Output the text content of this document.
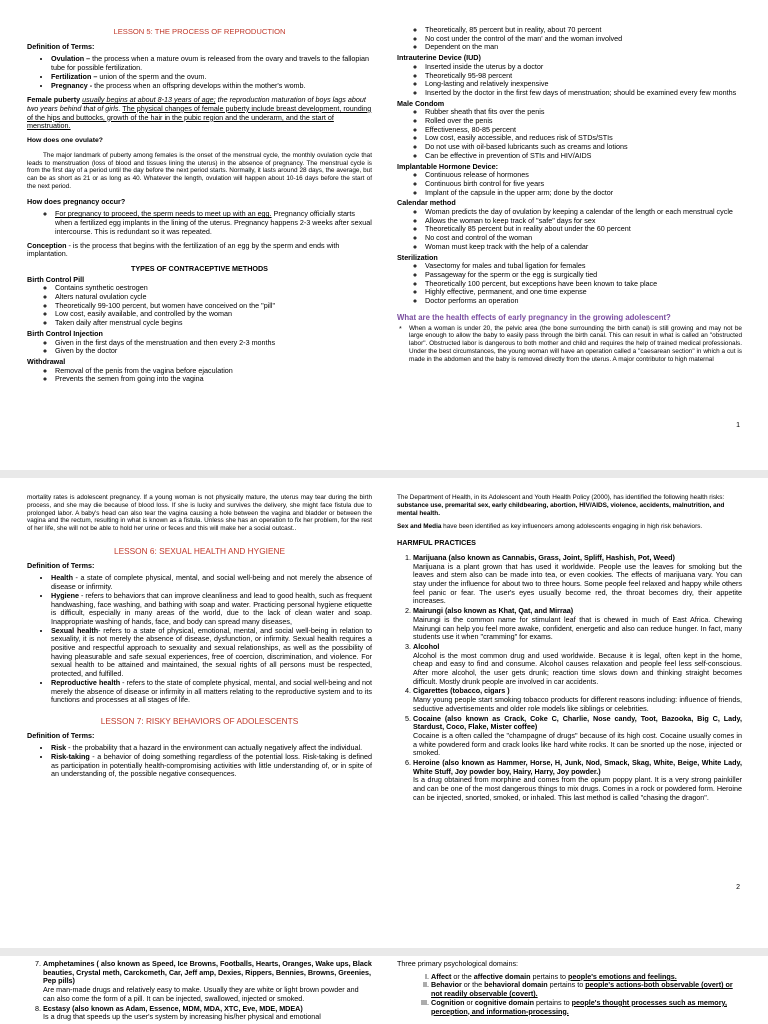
LESSON 5: THE PROCESS OF REPRODUCTION

Definition of Terms:

• Ovulation – the process when a mature ovum is released from the ovary and travels to the fallopian tube for possible fertilization.
• Fertilization – union of the sperm and the ovum.
• Pregnancy - the process when an offspring develops within the mother's womb.

Female puberty usually begins at about 8-13 years of age; the reproduction maturation of boys lags about two years behind that of girls. The physical changes of female puberty include breast development, rounding of the hips and buttocks, growth of the hair in the pubic region and the underarm, and the start of menstruation.

How does one ovulate?

The major landmark of puberty among females is the onset of the menstrual cycle, the monthly ovulation cycle that leads to menstruation (loss of blood and tissues lining the uterus) in the absence of pregnancy. The menstrual cycle is from the first day of a period until the day before the next period starts. Normally, it lasts around 28 days, the average, but can be as short as 21 or as long as 40. Whatever the length, ovulation will happen about 10-16 days before the start of the next period.

How does pregnancy occur?

◦ For pregnancy to proceed, the sperm needs to meet up with an egg. Pregnancy officially starts when a fertilized egg implants in the lining of the uterus. Pregnancy happens 2-3 weeks after sexual intercourse. This is redundant so it was repeated.

Conception - is the process that begins with the fertilization of an egg by the sperm and ends with implantation.

TYPES OF CONTRACEPTIVE METHODS

Birth Control Pill
◦ Contains synthetic oestrogen
◦ Alters natural ovulation cycle
◦ Theoretically 99-100 percent, but women have conceived on the "pill"
◦ Low cost, easily available, and controlled by the woman
◦ Taken daily after menstrual cycle begins
Birth Control Injection
◦ Given in the first days of the menstruation and then every 2-3 months
◦ Given by the doctor
Withdrawal
◦ Removal of the penis from the vagina before ejaculation
◦ Prevents the semen from going into the vagina
◦ Theoretically, 85 percent but in reality, about 70 percent
◦ No cost under the control of the man' and the woman involved
◦ Dependent on the man
Intrauterine Device (IUD)
◦ Inserted inside the uterus by a doctor
◦ Theoretically 95-98 percent
◦ Long-lasting and relatively inexpensive
◦ Inserted by the doctor in the first few days of menstruation; should be examined every few months
Male Condom
◦ Rubber sheath that fits over the penis
◦ Rolled over the penis
◦ Effectiveness, 80-85 percent
◦ Low cost, easily accessible, and reduces risk of STDs/STIs
◦ Do not use with oil-based lubricants such as creams and lotions
◦ Can be effective in prevention of STIs and HIV/AIDS
Implantable Hormone Device:
◦ Continuous release of hormones
◦ Continuous birth control for five years
◦ Implant of the capsule in the upper arm; done by the doctor
Calendar method
◦ Woman predicts the day of ovulation by keeping a calendar of the length or each menstrual cycle
◦ Allows the woman to keep track of "safe" days for sex
◦ Theoretically 85 percent but in reality about under the 60 percent
◦ No cost and control of the woman
◦ Woman must keep track with the help of a calendar
Sterilization
◦ Vasectomy for males and tubal ligation for females
◦ Passageway for the sperm or the egg is surgically tied
◦ Theoretically 100 percent, but exceptions have been known to take place
◦ Highly effective, permanent, and one time expense
◦ Doctor performs an operation
What are the health effects of early pregnancy in the growing adolescent?
* When a woman is under 20, the pelvic area (the bone surrounding the birth canal) is still growing and may not be large enough to allow the baby to easily pass through the birth canal. This can result in what is called an "obstructed labor". Obstructed labor is dangerous to both mother and child and requires the help of trained medical professionals. Under the best circumstances, the young woman will have an operation called a "caesarean section" in which a cut is made in the abdomen and the baby is removed directly from the uterus. A major contributor to high maternal

1

mortality rates is adolescent pregnancy. If a young woman is not physically mature, the uterus may tear during the birth process, and she may die because of blood loss. If she is lucky and survives the delivery, she might face fistula due to prolonged labor. A baby's head can also tear the vagina causing a hole between the vagina and bladder or between the vagina and the rectum, resulting in what is known as a fistula. Unless she has an operation to fix her problem, for the rest of her life, she will not be able to hold her urine or feces and this will make her a social outcast..

LESSON 6: SEXUAL HEALTH AND HYGIENE

Definition of Terms:

• Health - a state of complete physical, mental, and social well-being and not merely the absence of disease or infirmity.
• Hygiene - refers to behaviors that can improve cleanliness and lead to good health, such as frequent handwashing, face washing, and bathing with soap and water. Practicing personal hygiene etiquette is difficult, especially in many areas of the world, due to the lack of clean water and soap. Inappropriate washing of hands, face, and body can spread many diseases,
• Sexual health- refers to a state of physical, emotional, mental, and social well-being in relation to sexuality, it is not merely the absence of disease, dysfunction, or infirmity. Sexual health requires a positive and respectful approach to sexuality and sexual relationships, as well as the possibility of having pleasurable and safe sexual experiences, free of coercion, discrimination, and violence. For sexual health to be attained and maintained, the sexual rights of all persons must be respected, protected, and fulfilled.
• Reproductive health - refers to the state of complete physical, mental, and social well-being and not merely the absence of disease or infirmity in all matters relating to the reproductive system and to its functions and processes at all stages of life.
LESSON 7: RISKY BEHAVIORS OF ADOLESCENTS

Definition of Terms:

• Risk - the probability that a hazard in the environment can actually negatively affect the individual.
• Risk-taking - a behavior of doing something regardless of the potential loss. Risk-taking is defined as participation in potentially health-compromising activities with little understanding of, or in spite of an understanding of, the possible negative consequences.

The Department of Health, in its Adolescent and Youth Health Policy (2000), has identified the following health risks: substance use, premarital sex, early childbearing, abortion, HIV/AIDS, violence, accidents, malnutrition, and mental health.

Sex and Media have been identified as key influencers among adolescents engaging in high risk behaviors.

HARMFUL PRACTICES

1. Marijuana (also known as Cannabis, Grass, Joint, Spliff, Hashish, Pot, Weed)
Marijuana is a plant grown that has used it worldwide. People use the leaves for smoking but the leaves and stem also can be made into tea, or even cookies. The effects of marijuana vary. You can stay under the influence for about two to three hours. Some people feel relaxed and happy while others feel panic or fear. The user's eyes usually become red, the throat becomes dry, their appetite increases.
2. Mairungi (also known as Khat, Qat, and Mirraa)
Mairungi is the common name for stimulant leaf that is chewed in much of East Africa. Chewing Mairungi can help you feel more awake, confident, energetic and also can reduce hunger. In fact, many students use it when "cramming" for exams.
3. Alcohol
Alcohol is the most common drug and used worldwide. Because it is legal, often kept in the home, cheap and easy to find and consume. Alcohol causes relaxation and people feel less self-conscious. After more alcohol, the user gets drunk; reaction time slows down and thinking straight becomes difficult. Mostly drunk people are involved in car accidents.
4. Cigarettes (tobacco, cigars )
Many young people start smoking tobacco products for different reasons including: influence of friends, seductive advertisements and older role models like siblings or celebrities.
5. Cocaine (also known as Crack, Coke C, Charlie, Nose candy, Toot, Bazooka, Big C, Lady, Stardust, Coco, Flake, Mister coffee)
Cocaine is a often called the "champagne of drugs" because of its high cost. Cocaine usually comes in a white powdered form and crack looks like hard white rocks. It can be snorted up the nose, injected or smoked.
6. Heroine (also known as Hammer, Horse, H, Junk, Nod, Smack, Skag, White, Beige, White Lady, White Stuff, Joy powder boy, Hairy, Harry, Joy powder.)
Is a drug obtained from morphine and comes from the opium poppy plant. It is a very strong painkiller and can be one of the most dangerous things to mix drugs. Comes in a rock or powdered form. Heroine can be injected, snorted, smoked, or inhaled. This last method is called "chasing the dragon".
2
7. Amphetamines ( also known as Speed, Ice Browns, Footballs, Hearts, Oranges, Wake ups, Black beauties, Crystal meth, Carckcmeth, Car, Jeff amp, Dexies, Rippers, Bennies, Browns, Greenies, Pep pills)
Are man-made drugs and relatively easy to make. Usually they are white or light brown powder and can also come the form of a pill. It can be injected, swallowed, injected or smoked.
8. Ecstasy (also known as Adam, Essence, MDM, MDA, XTC, Eve, MDE, MDEA)
Is a drug that speeds up the user's system by increasing his/her physical and emotional

Three primary psychological domains:

I. Affect or the affective domain pertains to people's emotions and feelings.
II. Behavior or the behavioral domain pertains to people's actions-both observable (overt) or not readily observable (covert).
III. Cognition or cognitive domain pertains to people's thought processes such as memory, perception, and information-processing.
